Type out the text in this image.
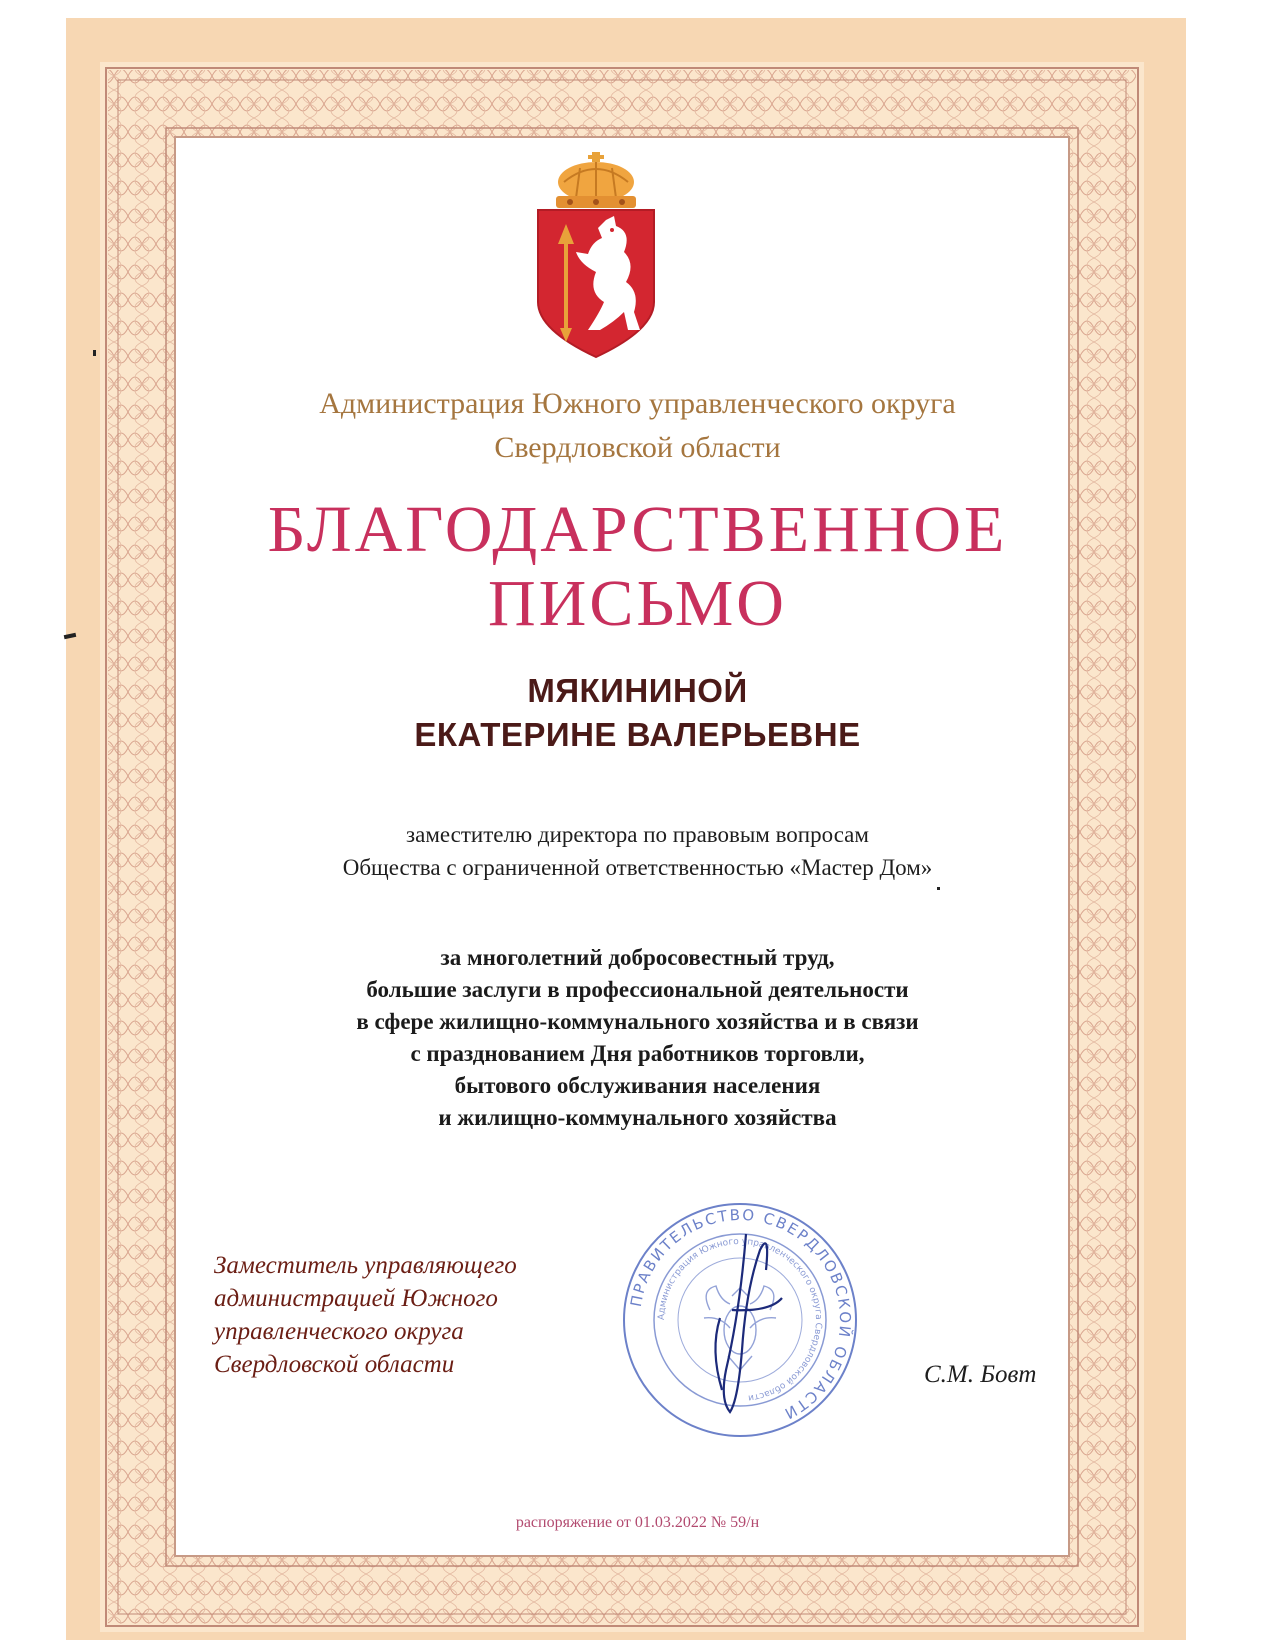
Администрация Южного управленческого округа
Свердловской области
БЛАГОДАРСТВЕННОЕ
ПИСЬМО
МЯКИНИНОЙ
ЕКАТЕРИНЕ ВАЛЕРЬЕВНЕ
заместителю директора по правовым вопросам
Общества с ограниченной ответственностью «Мастер Дом»
за многолетний добросовестный труд,
большие заслуги в профессиональной деятельности
в сфере жилищно-коммунального хозяйства и в связи
с празднованием Дня работников торговли,
бытового обслуживания населения
и жилищно-коммунального хозяйства
Заместитель управляющего
администрацией Южного
управленческого округа
Свердловской области
ПРАВИТЕЛЬСТВО СВЕРДЛОВСКОЙ ОБЛАСТИ
Администрация Южного управленческого округа Свердловской области
С.М. Бовт
распоряжение от 01.03.2022 № 59/н
